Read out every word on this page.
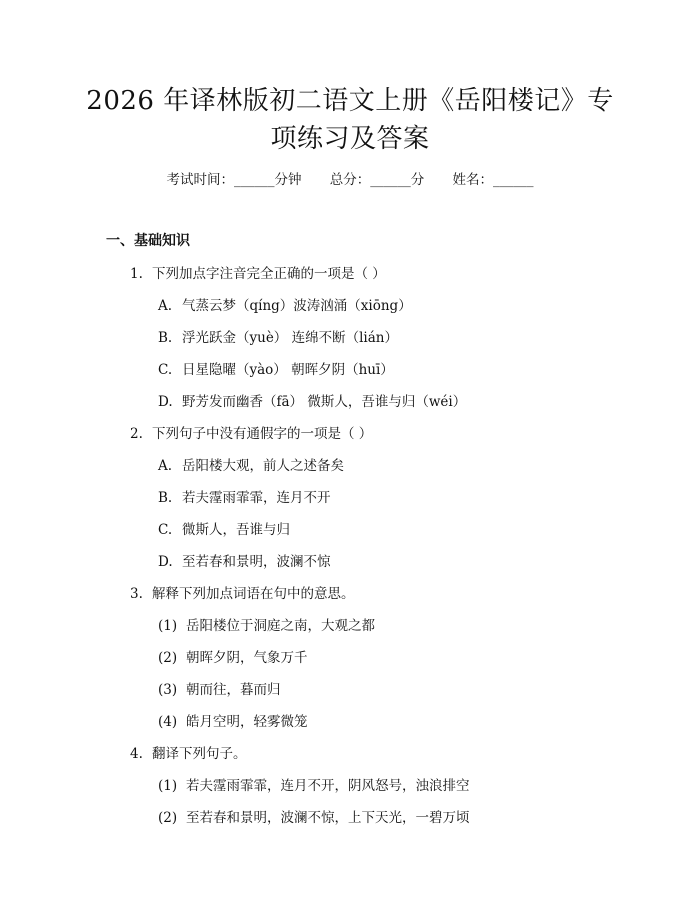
2026 年译林版初二语文上册《岳阳楼记》专
项练习及答案
考试时间：______分钟 总分：______分 姓名：______
一、基础知识
1. 下列加点字注音完全正确的一项是（ ）
A. 气蒸云梦（qíng）波涛汹涌（xiōng）
B. 浮光跃金（yuè） 连绵不断（lián）
C. 日星隐曜（yào） 朝晖夕阴（huī）
D. 野芳发而幽香（fā） 微斯人，吾谁与归（wéi）
2. 下列句子中没有通假字的一项是（ ）
A. 岳阳楼大观，前人之述备矣
B. 若夫霪雨霏霏，连月不开
C. 微斯人，吾谁与归
D. 至若春和景明，波澜不惊
3. 解释下列加点词语在句中的意思。
(1) 岳阳楼位于洞庭之南，大观之都
(2) 朝晖夕阴，气象万千
(3) 朝而往，暮而归
(4) 皓月空明，轻雾微笼
4. 翻译下列句子。
(1) 若夫霪雨霏霏，连月不开，阴风怒号，浊浪排空
(2) 至若春和景明，波澜不惊，上下天光，一碧万顷
